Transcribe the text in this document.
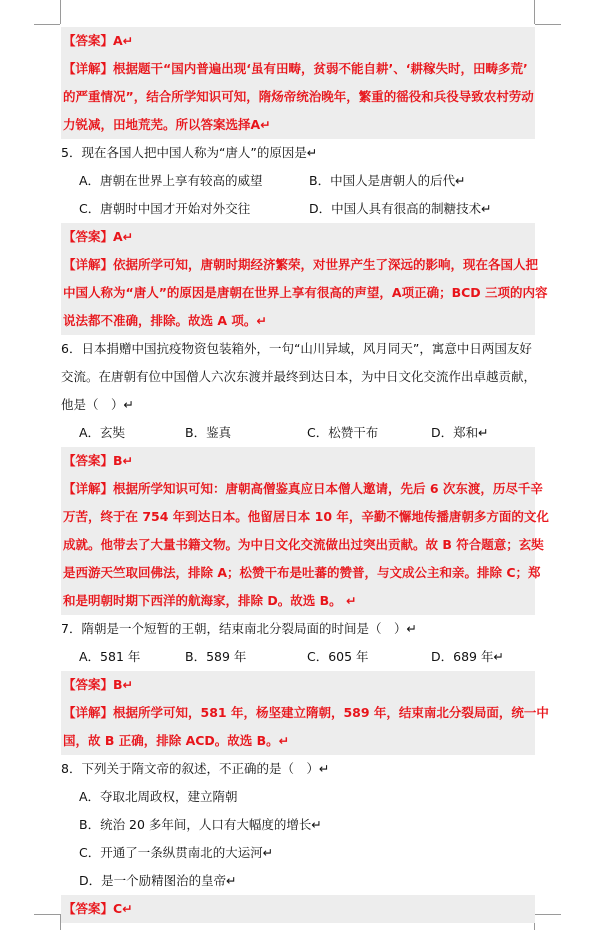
【答案】A↵

【详解】根据题干“国内普遍出现‘虽有田畴，贫弱不能自耕’、‘耕稼失时，田畴多荒’

的严重情况”，结合所学知识可知，隋炀帝统治晚年，繁重的徭役和兵役导致农村劳动

力锐减，田地荒芜。所以答案选择A↵

5．现在各国人把中国人称为“唐人”的原因是↵

A．唐朝在世界上享有较高的威望	B．中国人是唐朝人的后代↵
C．唐朝时中国才开始对外交往	D．中国人具有很高的制糖技术↵

【答案】A↵

【详解】依据所学可知，唐朝时期经济繁荣，对世界产生了深远的影响，现在各国人把

中国人称为“唐人”的原因是唐朝在世界上享有很高的声望，A项正确；BCD 三项的内容

说法都不准确，排除。故选 A 项。↵

6．日本捐赠中国抗疫物资包装箱外，一句“山川异域，风月同天”，寓意中日两国友好

交流。在唐朝有位中国僧人六次东渡并最终到达日本，为中日文化交流作出卓越贡献，

他是（　）↵

A．玄奘	B．鉴真	C．松赞干布	D．郑和↵

【答案】B↵

【详解】根据所学知识可知：唐朝高僧鉴真应日本僧人邀请，先后 6 次东渡，历尽千辛

万苦，终于在 754 年到达日本。他留居日本 10 年，辛勤不懈地传播唐朝多方面的文化

成就。他带去了大量书籍文物。为中日文化交流做出过突出贡献。故 B 符合题意；玄奘

是西游天竺取回佛法，排除 A；松赞干布是吐蕃的赞普，与文成公主和亲。排除 C；郑

和是明朝时期下西洋的航海家，排除 D。故选 B。 ↵

7．隋朝是一个短暂的王朝，结束南北分裂局面的时间是（　）↵

A．581 年	B．589 年	C．605 年	D．689 年↵

【答案】B↵

【详解】根据所学可知，581 年，杨坚建立隋朝，589 年，结束南北分裂局面，统一中

国，故 B 正确，排除 ACD。故选 B。↵

8．下列关于隋文帝的叙述，不正确的是（　）↵

A．夺取北周政权，建立隋朝
B．统治 20 多年间，人口有大幅度的增长↵
C．开通了一条纵贯南北的大运河↵
D．是一个励精图治的皇帝↵

【答案】C↵
